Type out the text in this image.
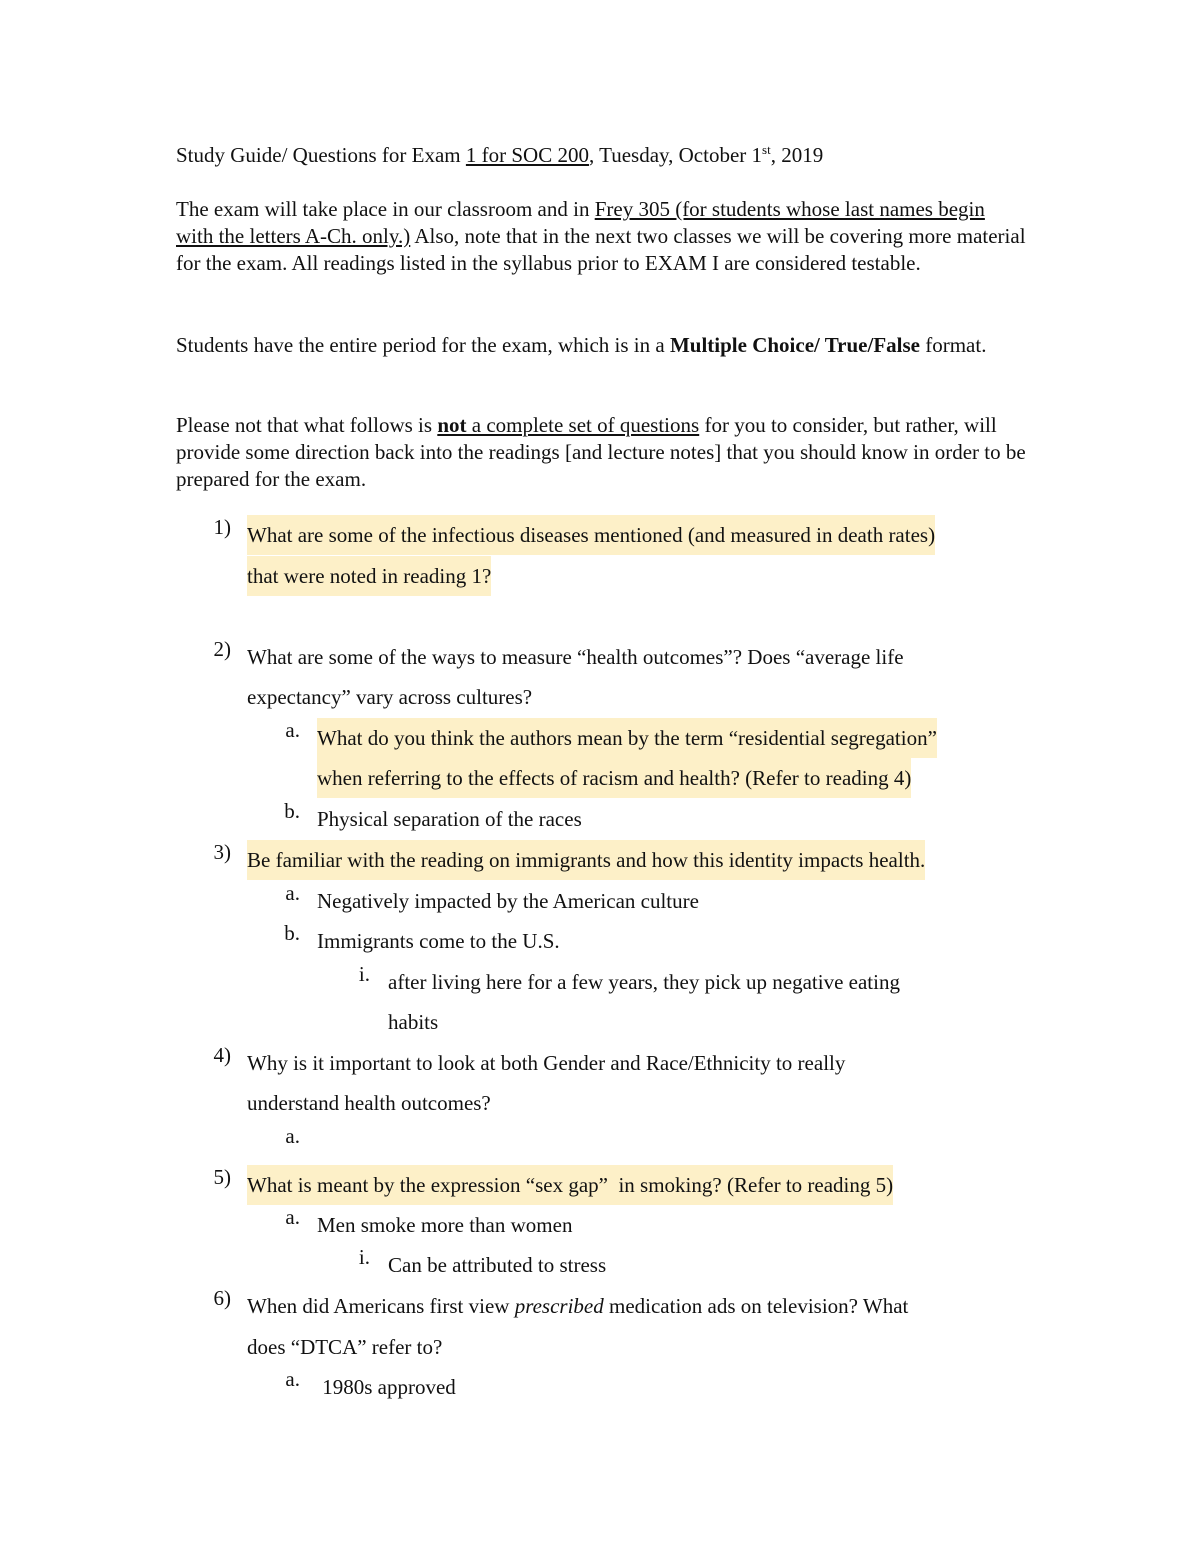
Study Guide/ Questions for Exam 1 for SOC 200, Tuesday, October 1st, 2019
The exam will take place in our classroom and in Frey 305 (for students whose last names begin with the letters A-Ch. only.) Also, note that in the next two classes we will be covering more material for the exam. All readings listed in the syllabus prior to EXAM I are considered testable.
Students have the entire period for the exam, which is in a Multiple Choice/ True/False format.
Please not that what follows is not a complete set of questions for you to consider, but rather, will provide some direction back into the readings [and lecture notes] that you should know in order to be prepared for the exam.
1) What are some of the infectious diseases mentioned (and measured in death rates)
that were noted in reading 1?
2) What are some of the ways to measure “health outcomes”? Does “average life
expectancy” vary across cultures?
a. What do you think the authors mean by the term “residential segregation”
when referring to the effects of racism and health? (Refer to reading 4)
b. Physical separation of the races
3) Be familiar with the reading on immigrants and how this identity impacts health.
a. Negatively impacted by the American culture
b. Immigrants come to the U.S.
i. after living here for a few years, they pick up negative eating
habits
4) Why is it important to look at both Gender and Race/Ethnicity to really
understand health outcomes?
a.
5) What is meant by the expression “sex gap”  in smoking? (Refer to reading 5)
a. Men smoke more than women
i. Can be attributed to stress
6) When did Americans first view prescribed medication ads on television? What
does “DTCA” refer to?
a. 1980s approved
